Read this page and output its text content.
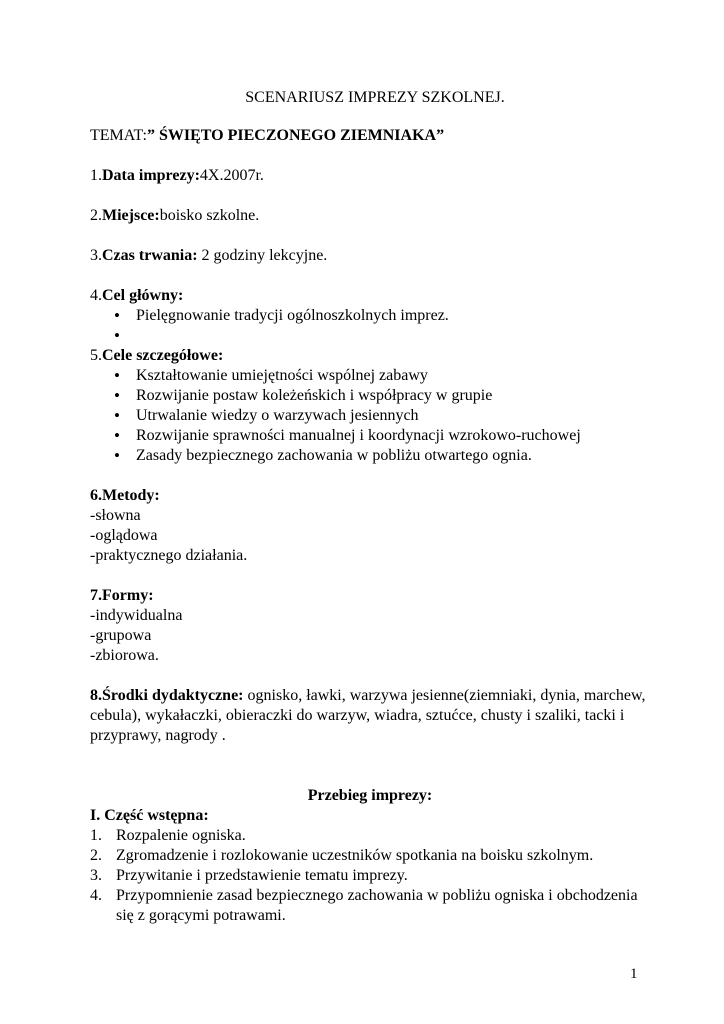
SCENARIUSZ IMPREZY SZKOLNEJ.

TEMAT:” ŚWIĘTO PIECZONEGO ZIEMNIAKA”

1.Data imprezy:4X.2007r.

2.Miejsce:boisko szkolne.

3.Czas trwania: 2 godziny lekcyjne.

4.Cel główny:

• Pielęgnowanie tradycji ogólnoszkolnych imprez.
•

5.Cele szczegółowe:

• Kształtowanie umiejętności wspólnej zabawy
• Rozwijanie postaw koleżeńskich i współpracy w grupie
• Utrwalanie wiedzy o warzywach jesiennych
• Rozwijanie sprawności manualnej i koordynacji wzrokowo-ruchowej
• Zasady bezpiecznego zachowania w pobliżu otwartego ognia.

6.Metody:

-słowna

-oglądowa

-praktycznego działania.

7.Formy:

-indywidualna

-grupowa

-zbiorowa.

8.Środki dydaktyczne: ognisko, ławki, warzywa jesienne(ziemniaki, dynia, marchew, cebula), wykałaczki, obieraczki do warzyw, wiadra, sztućce, chusty i szaliki, tacki i przyprawy, nagrody .

Przebieg imprezy:

I. Część wstępna:

1. Rozpalenie ogniska.
2. Zgromadzenie i rozlokowanie uczestników spotkania na boisku szkolnym.
3. Przywitanie i przedstawienie tematu imprezy.
4. Przypomnienie zasad bezpiecznego zachowania w pobliżu ogniska i obchodzenia się z gorącymi potrawami.
1
